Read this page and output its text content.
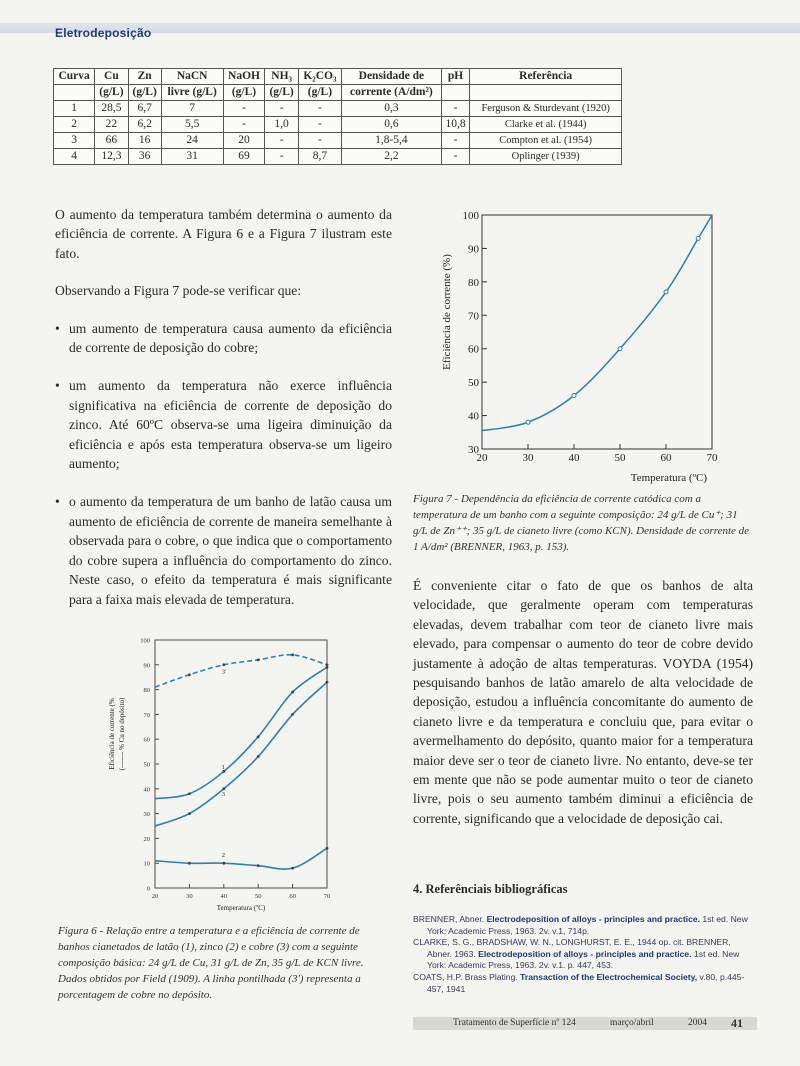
Eletrodeposição
Curva	Cu	Zn	NaCN	NaOH	NH₃	K₂CO₃	Densidade de	pH	Referência
	(g/L)	(g/L)	livre (g/L)	(g/L)	(g/L)	(g/L)	corrente (A/dm²)		
1	28,5	6,7	7	-	-	-	0,3	-	Ferguson & Sturdevant (1920)
2	22	6,2	5,5	-	1,0	-	0,6	10,8	Clarke et al. (1944)
3	66	16	24	20	-	-	1,8-5,4	-	Compton et al. (1954)
4	12,3	36	31	69	-	8,7	2,2	-	Oplinger (1939)

O aumento da temperatura também determina o aumento da eficiência de corrente. A Figura 6 e a Figura 7 ilustram este fato.

Observando a Figura 7 pode-se verificar que:

• um aumento de temperatura causa aumento da eficiência de corrente de deposição do cobre;
• um aumento da temperatura não exerce influência significativa na eficiência de corrente de deposição do zinco. Até 60ºC observa-se uma ligeira diminuição da eficiência e após esta temperatura observa-se um ligeiro aumento;
• o aumento da temperatura de um banho de latão causa um aumento de eficiência de corrente de maneira semelhante à observada para o cobre, o que indica que o comportamento do cobre supera a influência do comportamento do zinco. Neste caso, o efeito da temperatura é mais significante para a faixa mais elevada de temperatura.
0
10
20
30
40
50
60
70
80
90
100
20	30	40	50	60	70
Temperatura (ºC)
Eficiência de corrente (% (------- % Cu no depósito)	1
2
3
3'
Figura 6 - Relação entre a temperatura e a eficiência de corrente de banhos cianetados de latão (1), zinco (2) e cobre (3) com a seguinte composição básica: 24 g/L de Cu, 31 g/L de Zn, 35 g/L de KCN livre. Dados obtidos por Field (1909). A linha pontilhada (3') representa a porcentagem de cobre no depósito.
30
40
50
60
70
80
90
100
20	30	40	50	60	70
Temperatura (ºC)
Eficiência de corrente (%)
Figura 7 - Dependência da eficiência de corrente catódica com a temperatura de um banho com a seguinte composição: 24 g/L de Cu⁺; 31 g/L de Zn⁺⁺; 35 g/L de cianeto livre (como KCN). Densidade de corrente de 1 A/dm² (BRENNER, 1963, p. 153).

É conveniente citar o fato de que os banhos de alta velocidade, que geralmente operam com temperaturas elevadas, devem trabalhar com teor de cianeto livre mais elevado, para compensar o aumento do teor de cobre devido justamente à adoção de altas temperaturas. VOYDA (1954) pesquisando banhos de latão amarelo de alta velocidade de deposição, estudou a influência concomitante do aumento de cianeto livre e da temperatura e concluiu que, para evitar o avermelhamento do depósito, quanto maior for a temperatura maior deve ser o teor de cianeto livre. No entanto, deve-se ter em mente que não se pode aumentar muito o teor de cianeto livre, pois o seu aumento também diminui a eficiência de corrente, significando que a velocidade de deposição cai.

4. Referênciais bibliográficas

BRENNER, Abner. Electrodeposition of alloys - principles and practice. 1st ed. New York: Academic Press, 1963. 2v. v.1, 714p.

CLARKE, S. G., BRADSHAW, W. N., LONGHURST, E. E., 1944 op. cit. BRENNER, Abner. 1963. Electrodeposition of alloys - principles and practice. 1st ed. New York: Academic Press, 1963. 2v. v.1. p. 447, 453.

COATS, H.P. Brass Plating. Transaction of the Electrochemical Society, v.80, p.445-457, 1941

Tratamento de Superfície nº 124	março/abril	2004 41
